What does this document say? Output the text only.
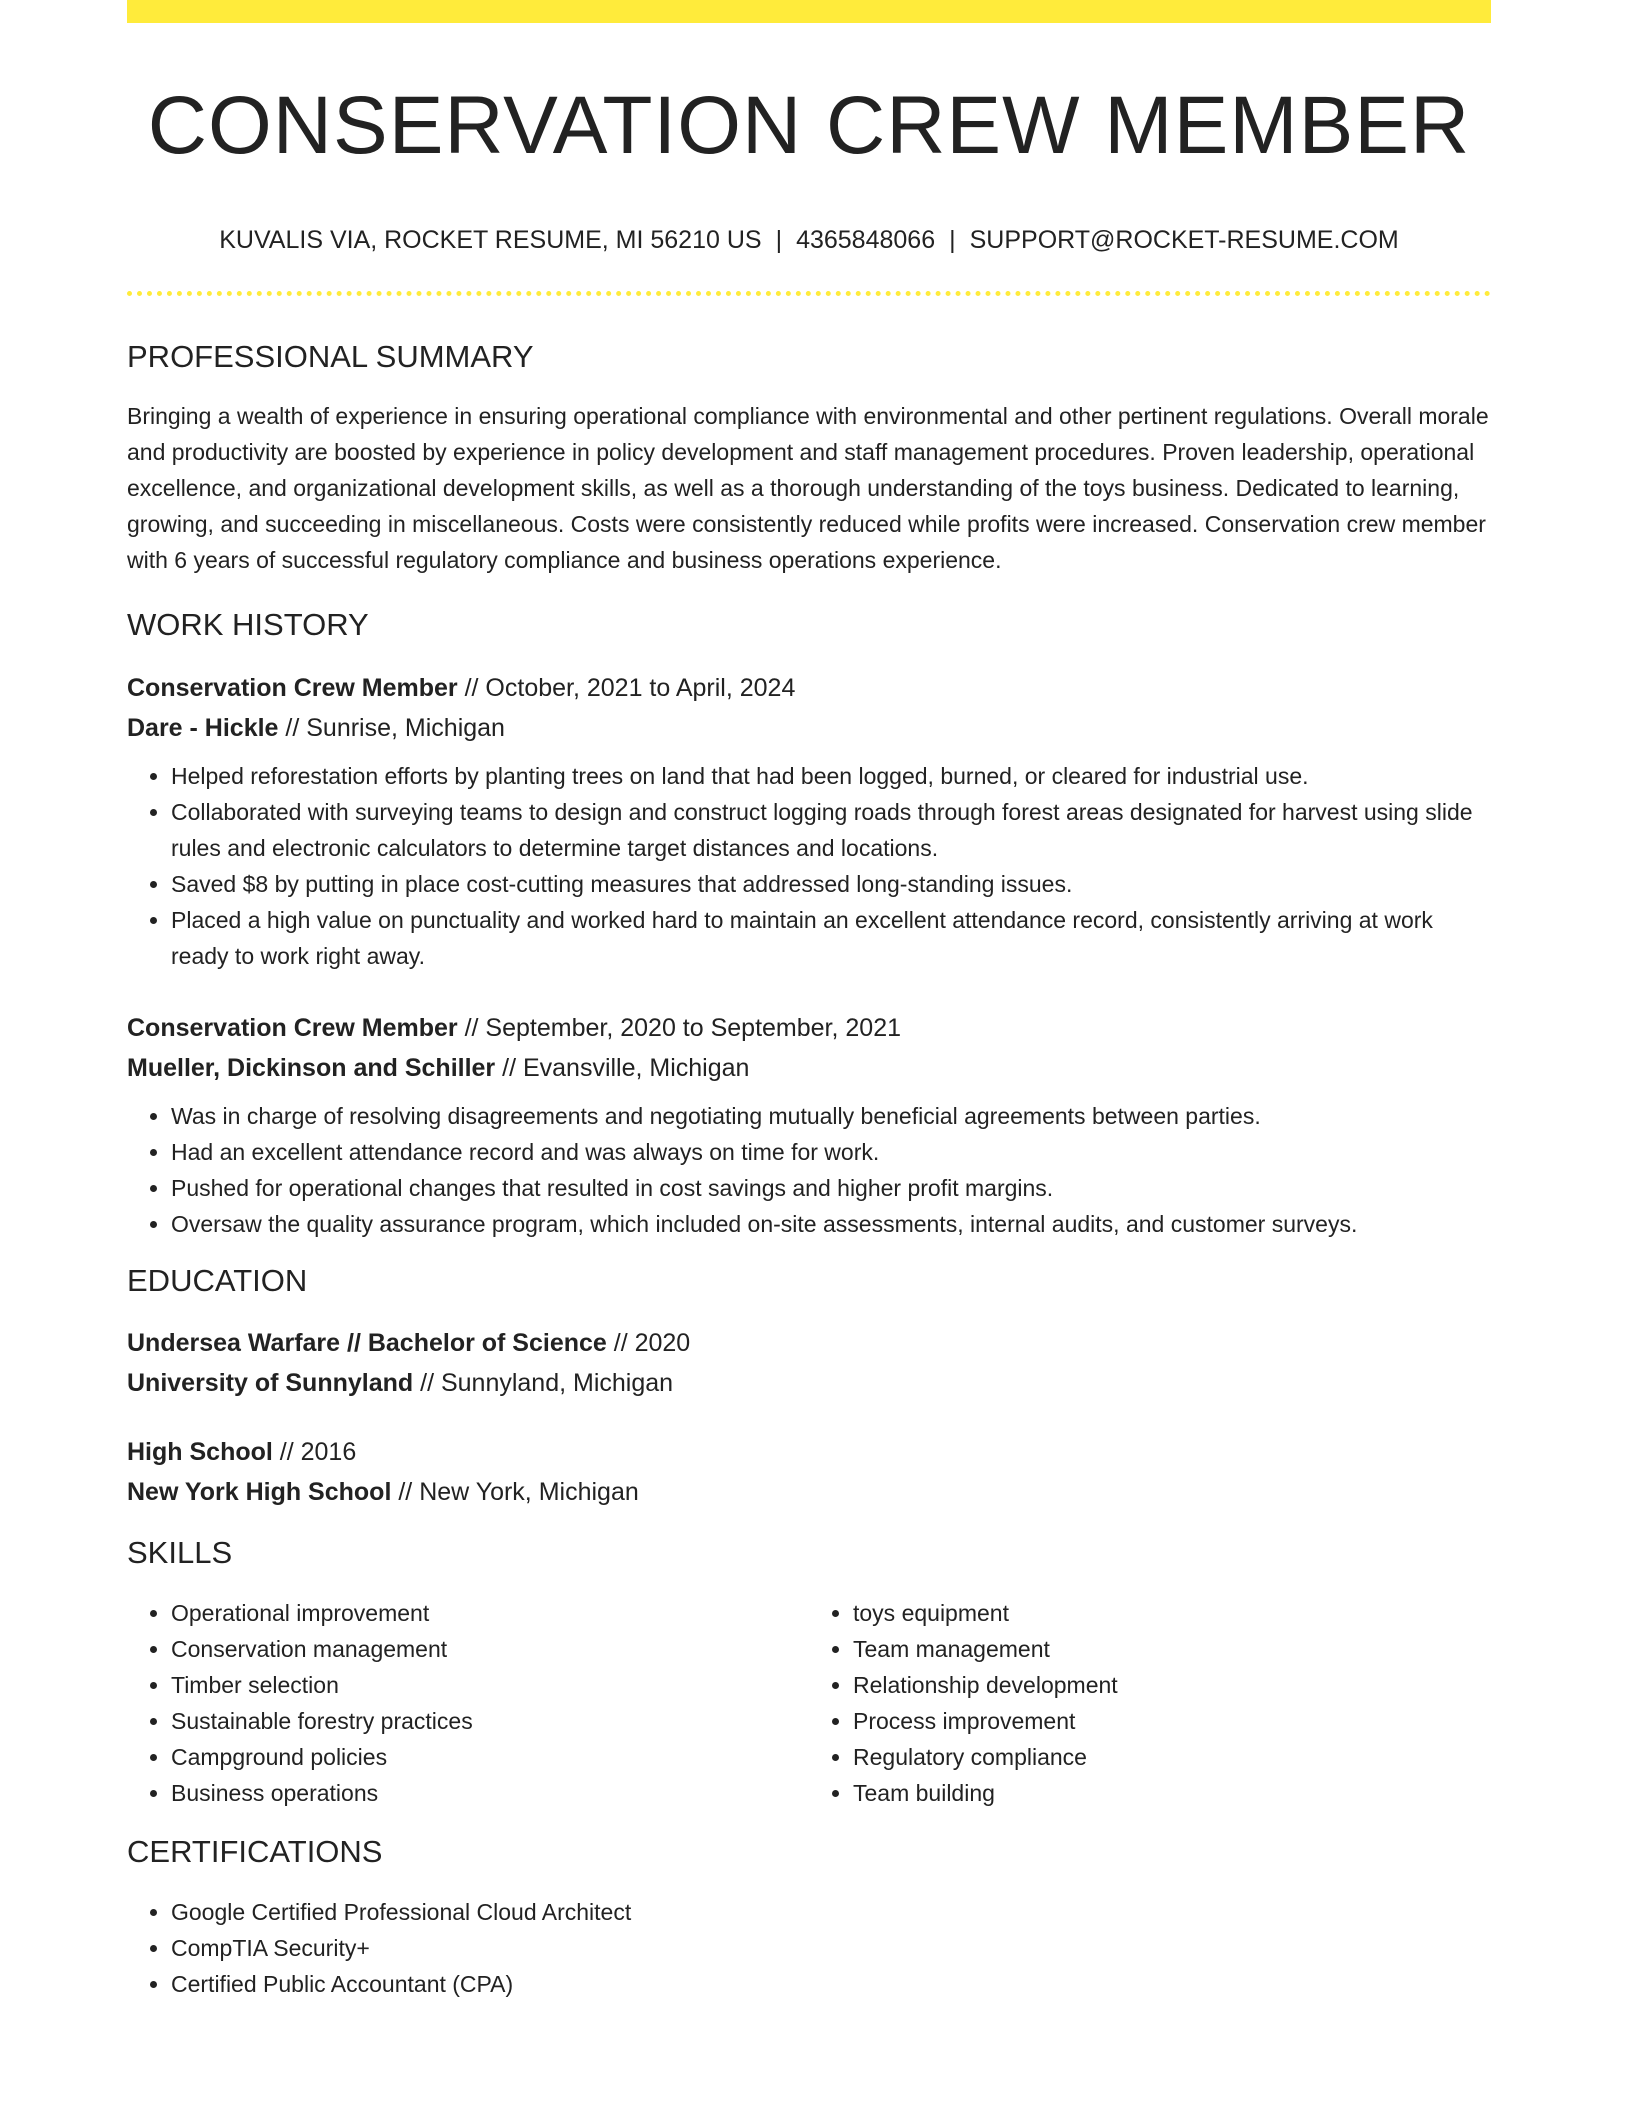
CONSERVATION CREW MEMBER
KUVALIS VIA, ROCKET RESUME, MI 56210 US | 4365848066 | SUPPORT@ROCKET-RESUME.COM
PROFESSIONAL SUMMARY
Bringing a wealth of experience in ensuring operational compliance with environmental and other pertinent regulations. Overall morale and productivity are boosted by experience in policy development and staff management procedures. Proven leadership, operational excellence, and organizational development skills, as well as a thorough understanding of the toys business. Dedicated to learning, growing, and succeeding in miscellaneous. Costs were consistently reduced while profits were increased. Conservation crew member with 6 years of successful regulatory compliance and business operations experience.
WORK HISTORY
Conservation Crew Member // October, 2021 to April, 2024
Dare - Hickle // Sunrise, Michigan
• Helped reforestation efforts by planting trees on land that had been logged, burned, or cleared for industrial use.
• Collaborated with surveying teams to design and construct logging roads through forest areas designated for harvest using slide rules and electronic calculators to determine target distances and locations.
• Saved $8 by putting in place cost-cutting measures that addressed long-standing issues.
• Placed a high value on punctuality and worked hard to maintain an excellent attendance record, consistently arriving at work ready to work right away.
Conservation Crew Member // September, 2020 to September, 2021
Mueller, Dickinson and Schiller // Evansville, Michigan
• Was in charge of resolving disagreements and negotiating mutually beneficial agreements between parties.
• Had an excellent attendance record and was always on time for work.
• Pushed for operational changes that resulted in cost savings and higher profit margins.
• Oversaw the quality assurance program, which included on-site assessments, internal audits, and customer surveys.
EDUCATION
Undersea Warfare // Bachelor of Science // 2020
University of Sunnyland // Sunnyland, Michigan
High School // 2016
New York High School // New York, Michigan
SKILLS
• Operational improvement
• Conservation management
• Timber selection
• Sustainable forestry practices
• Campground policies
• Business operations
• toys equipment
• Team management
• Relationship development
• Process improvement
• Regulatory compliance
• Team building
CERTIFICATIONS
• Google Certified Professional Cloud Architect
• CompTIA Security+
• Certified Public Accountant (CPA)
